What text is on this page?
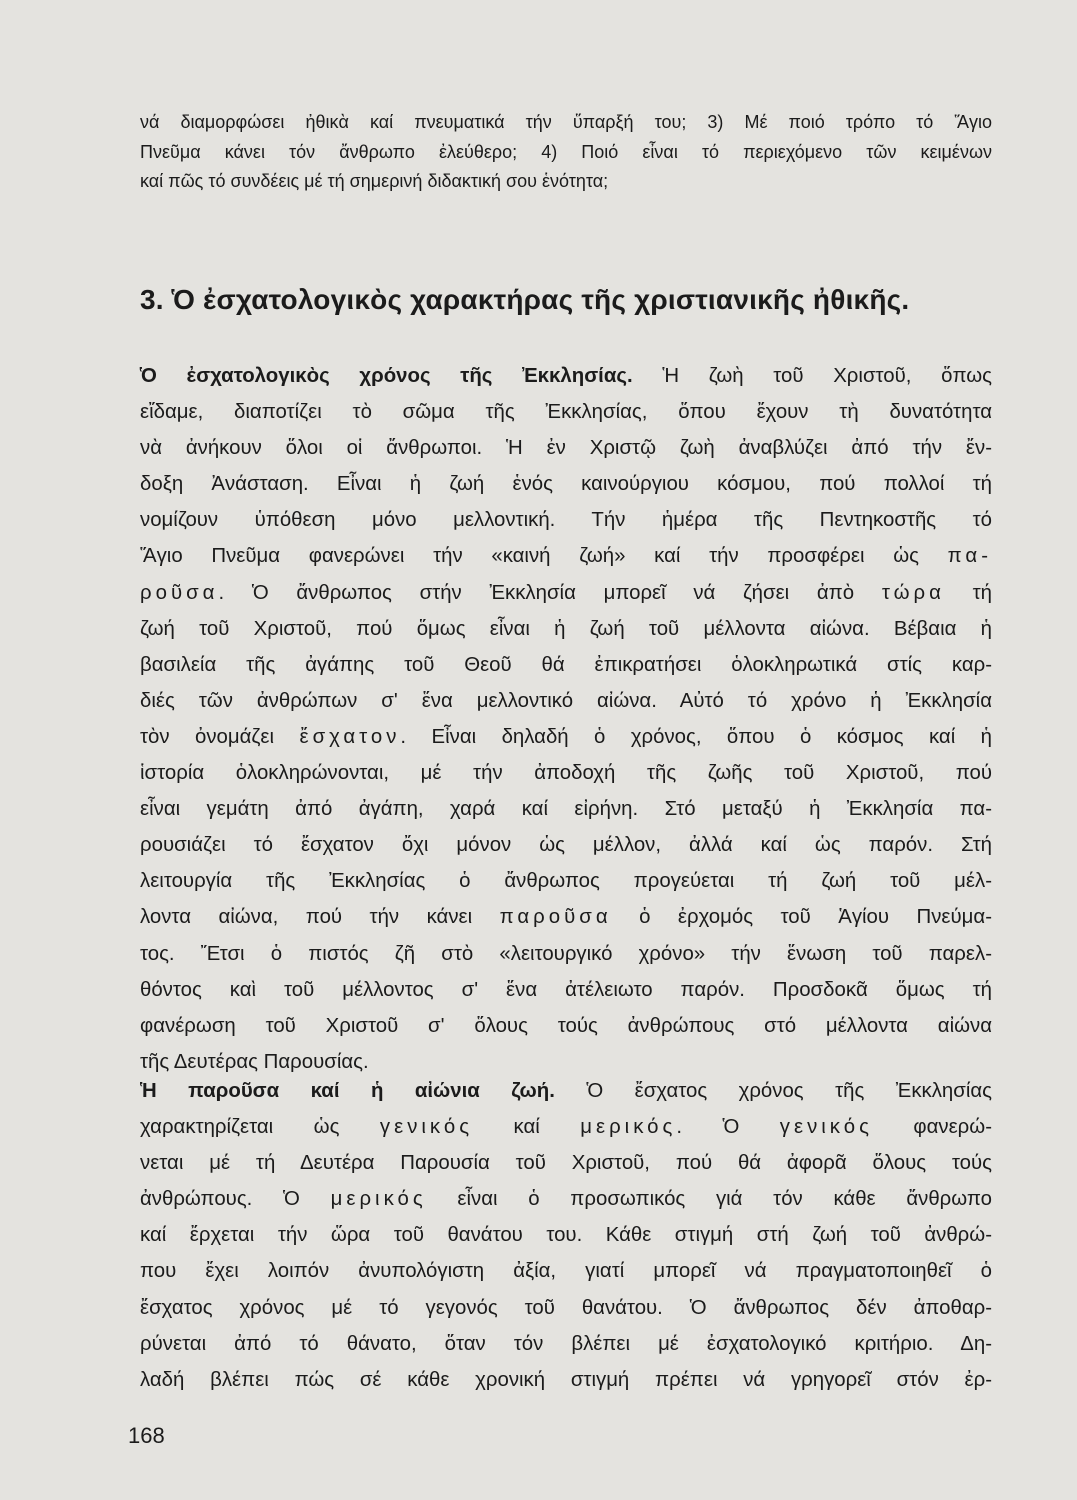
νά διαμορφώσει ἠθικὰ καί πνευματικά τήν ὕπαρξή του; 3) Μέ ποιό τρόπο τό Ἅγιο
Πνεῦμα κάνει τόν ἄνθρωπο ἐλεύθερο; 4) Ποιό εἶναι τό περιεχόμενο τῶν κειμένων
καί πῶς τό συνδέεις μέ τή σημερινή διδακτική σου ἑνότητα;

3. Ὁ ἐσχατολογικὸς χαρακτήρας τῆς χριστιανικῆς ἠθικῆς.

Ὁ ἐσχατολογικὸς χρόνος τῆς Ἐκκλησίας. Ἡ ζωὴ τοῦ Χριστοῦ, ὅπως
εἴδαμε, διαποτίζει τὸ σῶμα τῆς Ἐκκλησίας, ὅπου ἔχουν τὴ δυνατότητα
νὰ ἀνήκουν ὅλοι οἱ ἄνθρωποι. Ἡ ἐν Χριστῷ ζωὴ ἀναβλύζει ἀπό τήν ἔν-
δοξη Ἀνάσταση. Εἶναι ἡ ζωή ἑνός καινούργιου κόσμου, πού πολλοί τή
νομίζουν ὑπόθεση μόνο μελλοντική. Τήν ἡμέρα τῆς Πεντηκοστῆς τό
Ἅγιο Πνεῦμα φανερώνει τήν «καινή ζωή» καί τήν προσφέρει ὡς πα-
ροῦσα. Ὁ ἄνθρωπος στήν Ἐκκλησία μπορεῖ νά ζήσει ἀπὸ τώρα τή
ζωή τοῦ Χριστοῦ, πού ὅμως εἶναι ἡ ζωή τοῦ μέλλοντα αἰώνα. Βέβαια ἡ
βασιλεία τῆς ἀγάπης τοῦ Θεοῦ θά ἐπικρατήσει ὁλοκληρωτικά στίς καρ-
διές τῶν ἀνθρώπων σ' ἕνα μελλοντικό αἰώνα. Αὐτό τό χρόνο ἡ Ἐκκλησία
τὸν ὀνομάζει ἔσχατον. Εἶναι δηλαδή ὁ χρόνος, ὅπου ὁ κόσμος καί ἡ
ἱστορία ὁλοκληρώνονται, μέ τήν ἀποδοχή τῆς ζωῆς τοῦ Χριστοῦ, πού
εἶναι γεμάτη ἀπό ἀγάπη, χαρά καί εἰρήνη. Στό μεταξύ ἡ Ἐκκλησία πα-
ρουσιάζει τό ἔσχατον ὄχι μόνον ὡς μέλλον, ἀλλά καί ὡς παρόν. Στή
λειτουργία τῆς Ἐκκλησίας ὁ ἄνθρωπος προγεύεται τή ζωή τοῦ μέλ-
λοντα αἰώνα, πού τήν κάνει παροῦσα ὁ ἐρχομός τοῦ Ἁγίου Πνεύμα-
τος. Ἔτσι ὁ πιστός ζῆ στὸ «λειτουργικό χρόνο» τήν ἕνωση τοῦ παρελ-
θόντος καὶ τοῦ μέλλοντος σ' ἕνα ἀτέλειωτο παρόν. Προσδοκᾶ ὅμως τή
φανέρωση τοῦ Χριστοῦ σ' ὅλους τούς ἀνθρώπους στό μέλλοντα αἰώνα
τῆς Δευτέρας Παρουσίας.

Ἡ παροῦσα καί ἡ αἰώνια ζωή. Ὁ ἔσχατος χρόνος τῆς Ἐκκλησίας
χαρακτηρίζεται ὡς γενικός καί μερικός. Ὁ γενικός φανερώ-
νεται μέ τή Δευτέρα Παρουσία τοῦ Χριστοῦ, πού θά ἀφορᾶ ὅλους τούς
ἀνθρώπους. Ὁ μερικός εἶναι ὁ προσωπικός γιά τόν κάθε ἄνθρωπο
καί ἔρχεται τήν ὥρα τοῦ θανάτου του. Κάθε στιγμή στή ζωή τοῦ ἀνθρώ-
που ἔχει λοιπόν ἀνυπολόγιστη ἀξία, γιατί μπορεῖ νά πραγματοποιηθεῖ ὁ
ἔσχατος χρόνος μέ τό γεγονός τοῦ θανάτου. Ὁ ἄνθρωπος δέν ἀποθαρ-
ρύνεται ἀπό τό θάνατο, ὅταν τόν βλέπει μέ ἐσχατολογικό κριτήριο. Δη-
λαδή βλέπει πώς σέ κάθε χρονική στιγμή πρέπει νά γρηγορεῖ στόν ἐρ-

168
